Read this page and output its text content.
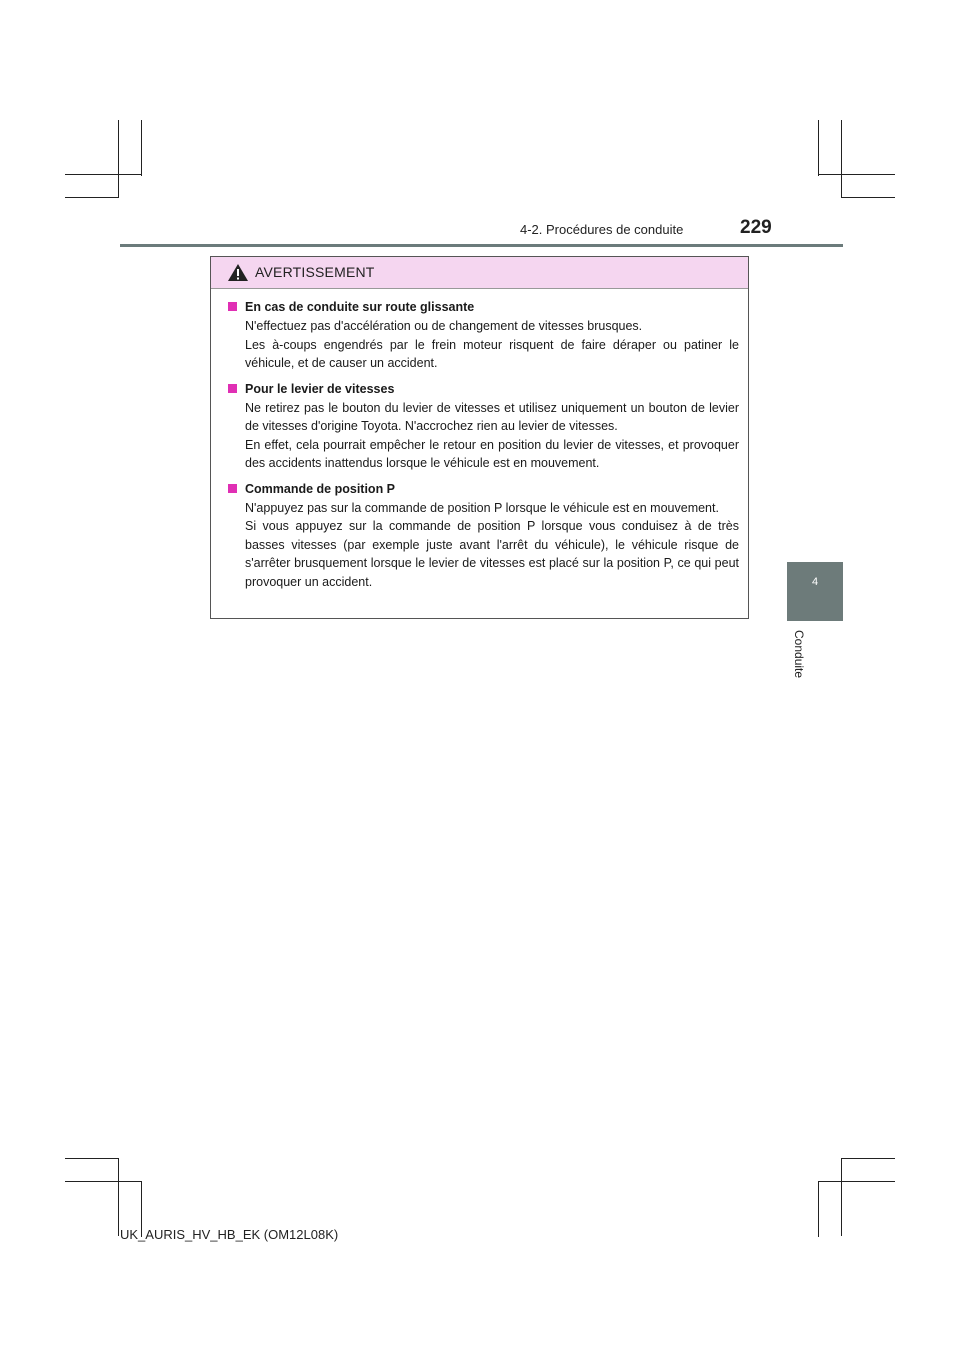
4-2. Procédures de conduite	229
4
Conduite
AVERTISSEMENT
En cas de conduite sur route glissante

N'effectuez pas d'accélération ou de changement de vitesses brusques.

Les à-coups engendrés par le frein moteur risquent de faire déraper ou patiner le véhicule, et de causer un accident.

Pour le levier de vitesses

Ne retirez pas le bouton du levier de vitesses et utilisez uniquement un bouton de levier de vitesses d'origine Toyota. N'accrochez rien au levier de vitesses.

En effet, cela pourrait empêcher le retour en position du levier de vitesses, et provoquer des accidents inattendus lorsque le véhicule est en mouvement.

Commande de position P

N'appuyez pas sur la commande de position P lorsque le véhicule est en mouvement.

Si vous appuyez sur la commande de position P lorsque vous conduisez à de très basses vitesses (par exemple juste avant l'arrêt du véhicule), le véhicule risque de s'arrêter brusquement lorsque le levier de vitesses est placé sur la position P, ce qui peut provoquer un accident.

UK_AURIS_HV_HB_EK (OM12L08K)
